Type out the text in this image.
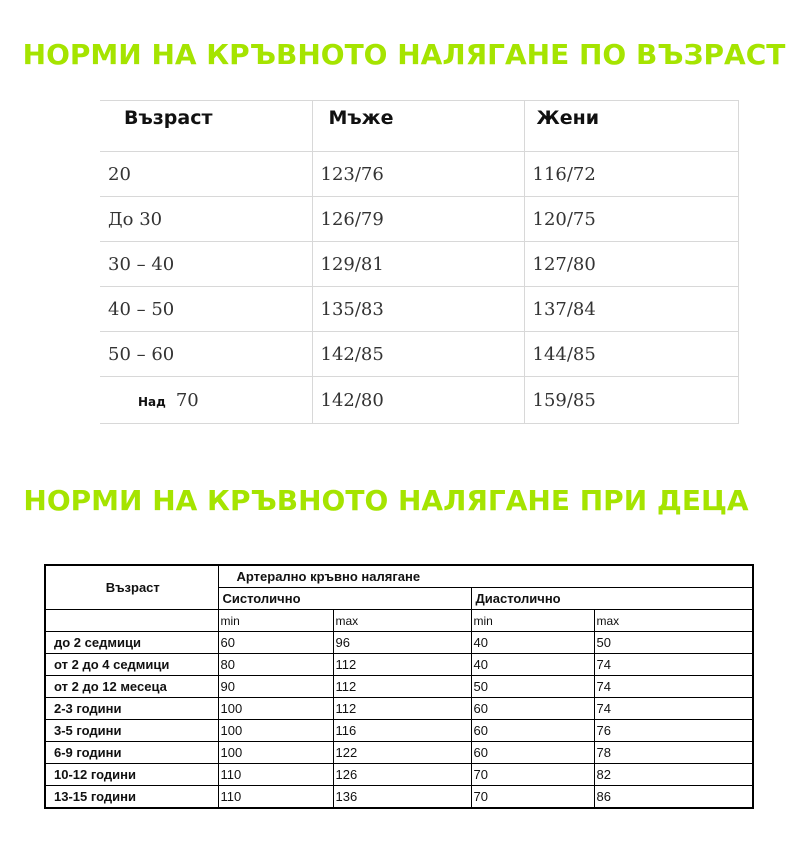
НОРМИ НА КРЪВНОТО НАЛЯГАНЕ ПО ВЪЗРАСТ
Възраст	Мъже	Жени
20	123/76	116/72
До 30	126/79	120/75
30 – 40	129/81	127/80
40 – 50	135/83	137/84
50 – 60	142/85	144/85
Над 70	142/80	159/85
НОРМИ НА КРЪВНОТО НАЛЯГАНЕ ПРИ ДЕЦА
Възраст	Артерално кръвно налягане			
	Систолично		Диастолично	
	min	max	min	max
до 2 седмици	60	96	40	50
от 2 до 4 седмици	80	112	40	74
от 2 до 12 месеца	90	112	50	74
2-3 години	100	112	60	74
3-5 години	100	116	60	76
6-9 години	100	122	60	78
10-12 години	110	126	70	82
13-15 години	110	136	70	86
